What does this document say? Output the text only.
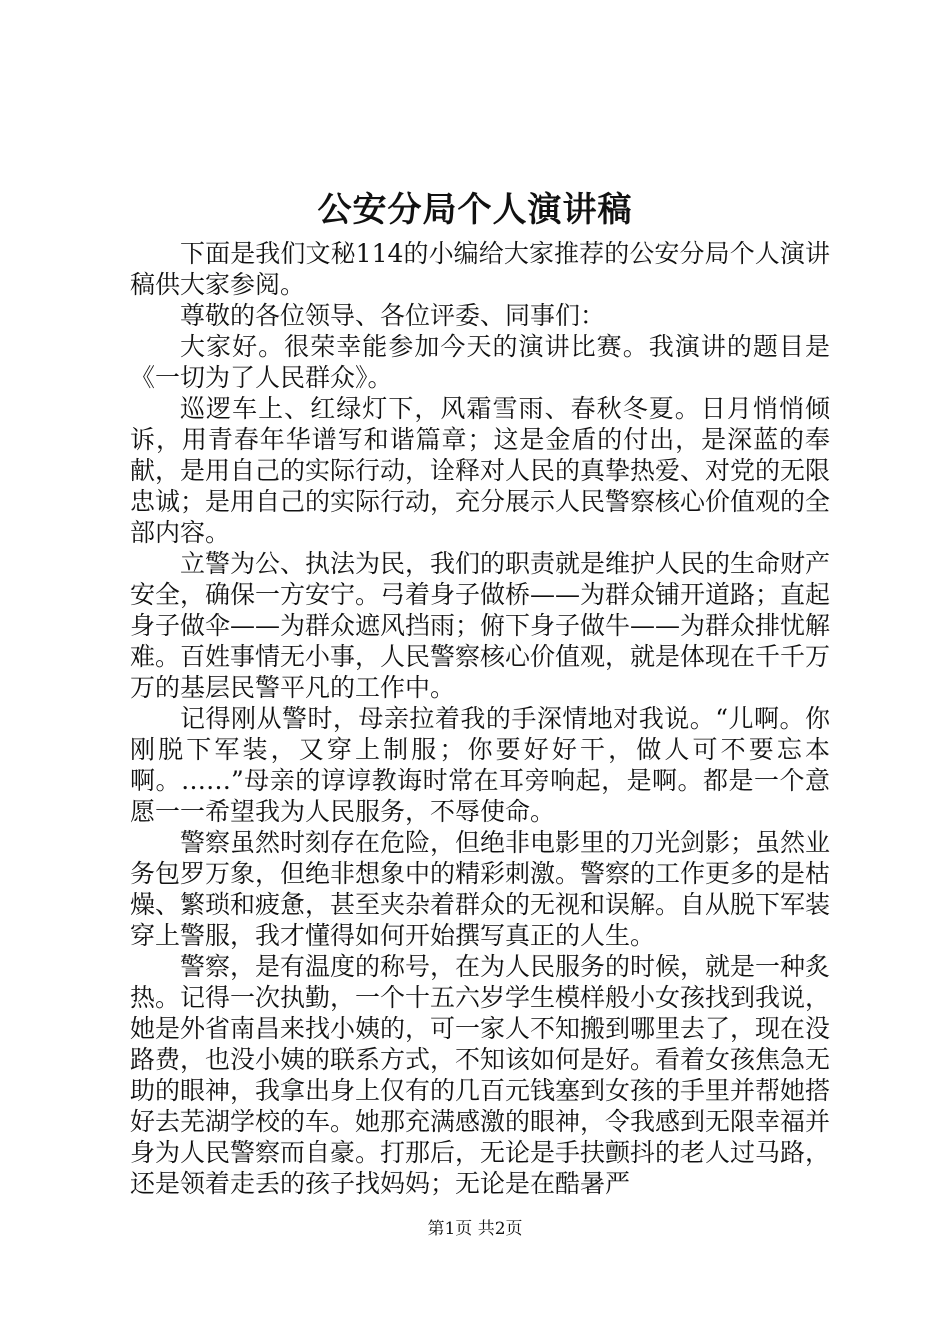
公安分局个人演讲稿

下面是我们文秘114的小编给大家推荐的公安分局个人演讲稿供大家参阅。

尊敬的各位领导、各位评委、同事们：

大家好。很荣幸能参加今天的演讲比赛。我演讲的题目是《一切为了人民群众》。

巡逻车上、红绿灯下，风霜雪雨、春秋冬夏。日月悄悄倾诉，用青春年华谱写和谐篇章；这是金盾的付出，是深蓝的奉献，是用自己的实际行动，诠释对人民的真挚热爱、对党的无限忠诚；是用自己的实际行动，充分展示人民警察核心价值观的全部内容。

立警为公、执法为民，我们的职责就是维护人民的生命财产安全，确保一方安宁。弓着身子做桥——为群众铺开道路；直起身子做伞——为群众遮风挡雨；俯下身子做牛——为群众排忧解难。百姓事情无小事，人民警察核心价值观，就是体现在千千万万的基层民警平凡的工作中。

记得刚从警时，母亲拉着我的手深情地对我说。“儿啊。你刚脱下军装，又穿上制服；你要好好干，做人可不要忘本啊。……”母亲的谆谆教诲时常在耳旁响起，是啊。都是一个意愿一一希望我为人民服务，不辱使命。

警察虽然时刻存在危险，但绝非电影里的刀光剑影；虽然业务包罗万象，但绝非想象中的精彩刺激。警察的工作更多的是枯燥、繁琐和疲惫，甚至夹杂着群众的无视和误解。自从脱下军装穿上警服，我才懂得如何开始撰写真正的人生。

警察，是有温度的称号，在为人民服务的时候，就是一种炙热。记得一次执勤，一个十五六岁学生模样般小女孩找到我说，她是外省南昌来找小姨的，可一家人不知搬到哪里去了，现在没路费，也没小姨的联系方式，不知该如何是好。看着女孩焦急无助的眼神，我拿出身上仅有的几百元钱塞到女孩的手里并帮她搭好去芜湖学校的车。她那充满感激的眼神，令我感到无限幸福并身为人民警察而自豪。打那后，无论是手扶颤抖的老人过马路，还是领着走丢的孩子找妈妈；无论是在酷暑严

第1页 共2页
